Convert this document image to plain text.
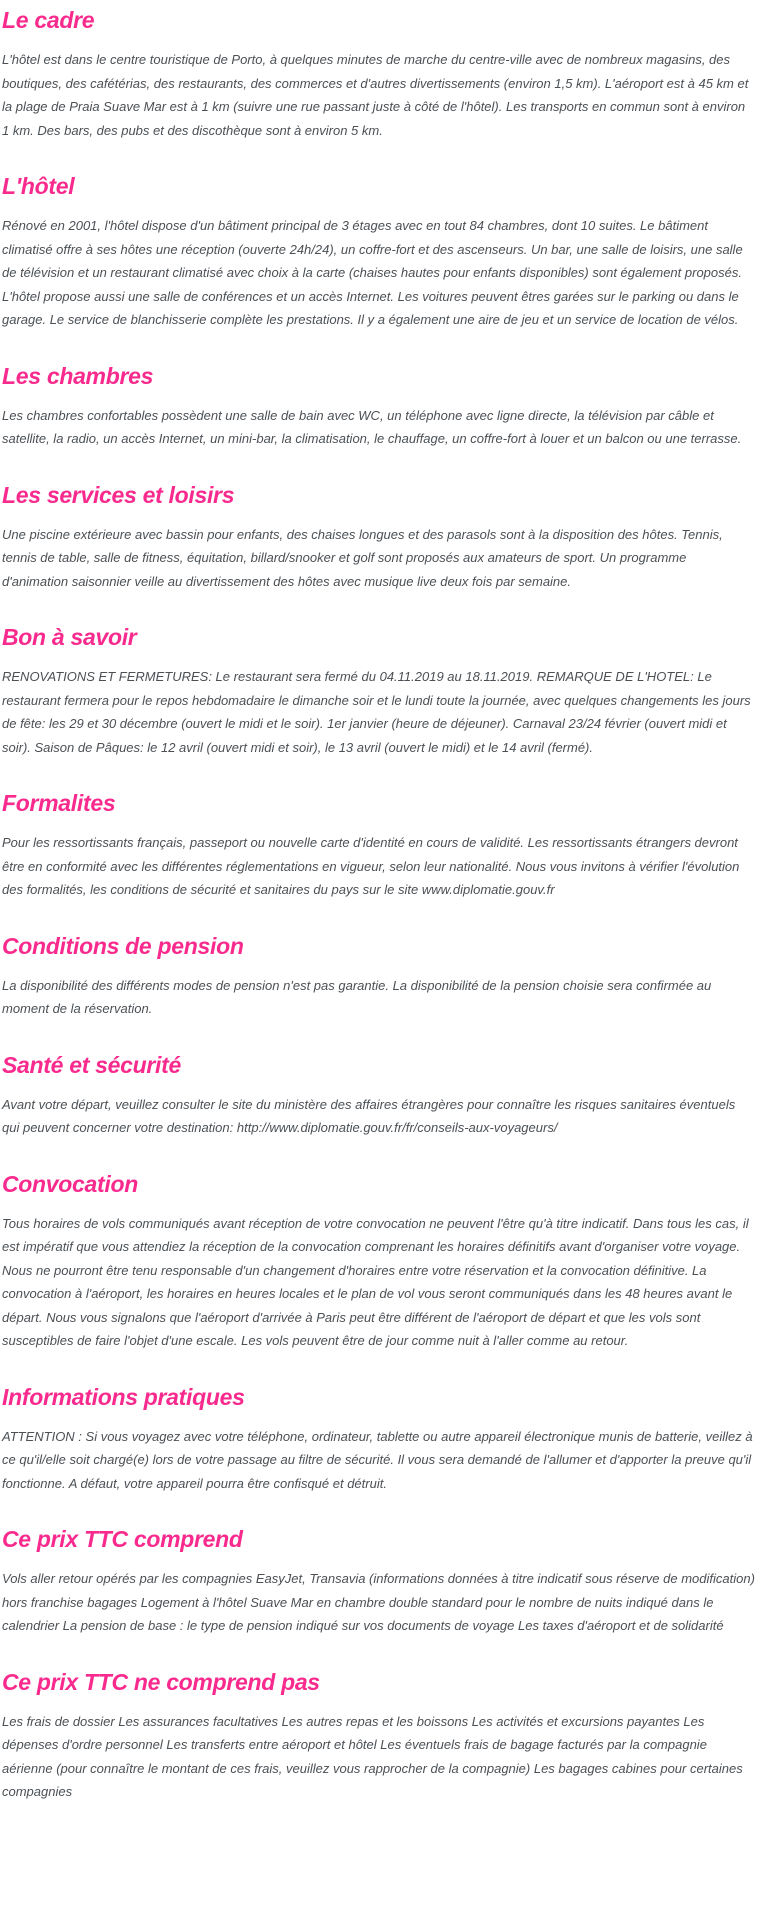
Le cadre

L'hôtel est dans le centre touristique de Porto, à quelques minutes de marche du centre-ville avec de nombreux magasins, des boutiques, des cafétérias, des restaurants, des commerces et d'autres divertissements (environ 1,5 km). L'aéroport est à 45 km et la plage de Praia Suave Mar est à 1 km (suivre une rue passant juste à côté de l'hôtel). Les transports en commun sont à environ 1 km. Des bars, des pubs et des discothèque sont à environ 5 km.

L'hôtel

Rénové en 2001, l'hôtel dispose d'un bâtiment principal de 3 étages avec en tout 84 chambres, dont 10 suites. Le bâtiment climatisé offre à ses hôtes une réception (ouverte 24h/24), un coffre-fort et des ascenseurs. Un bar, une salle de loisirs, une salle de télévision et un restaurant climatisé avec choix à la carte (chaises hautes pour enfants disponibles) sont également proposés. L'hôtel propose aussi une salle de conférences et un accès Internet. Les voitures peuvent êtres garées sur le parking ou dans le garage. Le service de blanchisserie complète les prestations. Il y a également une aire de jeu et un service de location de vélos.

Les chambres

Les chambres confortables possèdent une salle de bain avec WC, un téléphone avec ligne directe, la télévision par câble et satellite, la radio, un accès Internet, un mini-bar, la climatisation, le chauffage, un coffre-fort à louer et un balcon ou une terrasse.

Les services et loisirs

Une piscine extérieure avec bassin pour enfants, des chaises longues et des parasols sont à la disposition des hôtes. Tennis, tennis de table, salle de fitness, équitation, billard/snooker et golf sont proposés aux amateurs de sport. Un programme d'animation saisonnier veille au divertissement des hôtes avec musique live deux fois par semaine.

Bon à savoir

RENOVATIONS ET FERMETURES: Le restaurant sera fermé du 04.11.2019 au 18.11.2019. REMARQUE DE L'HOTEL: Le restaurant fermera pour le repos hebdomadaire le dimanche soir et le lundi toute la journée, avec quelques changements les jours de fête: les 29 et 30 décembre (ouvert le midi et le soir). 1er janvier (heure de déjeuner). Carnaval 23/24 février (ouvert midi et soir). Saison de Pâques: le 12 avril (ouvert midi et soir), le 13 avril (ouvert le midi) et le 14 avril (fermé).

Formalites

Pour les ressortissants français, passeport ou nouvelle carte d'identité en cours de validité. Les ressortissants étrangers devront être en conformité avec les différentes réglementations en vigueur, selon leur nationalité. Nous vous invitons à vérifier l'évolution des formalités, les conditions de sécurité et sanitaires du pays sur le site www.diplomatie.gouv.fr

Conditions de pension

La disponibilité des différents modes de pension n'est pas garantie. La disponibilité de la pension choisie sera confirmée au moment de la réservation.

Santé et sécurité

Avant votre départ, veuillez consulter le site du ministère des affaires étrangères pour connaître les risques sanitaires éventuels qui peuvent concerner votre destination: http://www.diplomatie.gouv.fr/fr/conseils-aux-voyageurs/

Convocation

Tous horaires de vols communiqués avant réception de votre convocation ne peuvent l'être qu'à titre indicatif. Dans tous les cas, il est impératif que vous attendiez la réception de la convocation comprenant les horaires définitifs avant d'organiser votre voyage. Nous ne pourront être tenu responsable d'un changement d'horaires entre votre réservation et la convocation définitive. La convocation à l'aéroport, les horaires en heures locales et le plan de vol vous seront communiqués dans les 48 heures avant le départ. Nous vous signalons que l'aéroport d'arrivée à Paris peut être différent de l'aéroport de départ et que les vols sont susceptibles de faire l'objet d'une escale. Les vols peuvent être de jour comme nuit à l'aller comme au retour.

Informations pratiques

ATTENTION : Si vous voyagez avec votre téléphone, ordinateur, tablette ou autre appareil électronique munis de batterie, veillez à ce qu'il/elle soit chargé(e) lors de votre passage au filtre de sécurité. Il vous sera demandé de l'allumer et d'apporter la preuve qu'il fonctionne. A défaut, votre appareil pourra être confisqué et détruit.

Ce prix TTC comprend

Vols aller retour opérés par les compagnies EasyJet, Transavia (informations données à titre indicatif sous réserve de modification) hors franchise bagages Logement à l'hôtel Suave Mar en chambre double standard pour le nombre de nuits indiqué dans le calendrier La pension de base : le type de pension indiqué sur vos documents de voyage Les taxes d'aéroport et de solidarité

Ce prix TTC ne comprend pas

Les frais de dossier Les assurances facultatives Les autres repas et les boissons Les activités et excursions payantes Les dépenses d'ordre personnel Les transferts entre aéroport et hôtel Les éventuels frais de bagage facturés par la compagnie aérienne (pour connaître le montant de ces frais, veuillez vous rapprocher de la compagnie) Les bagages cabines pour certaines compagnies
